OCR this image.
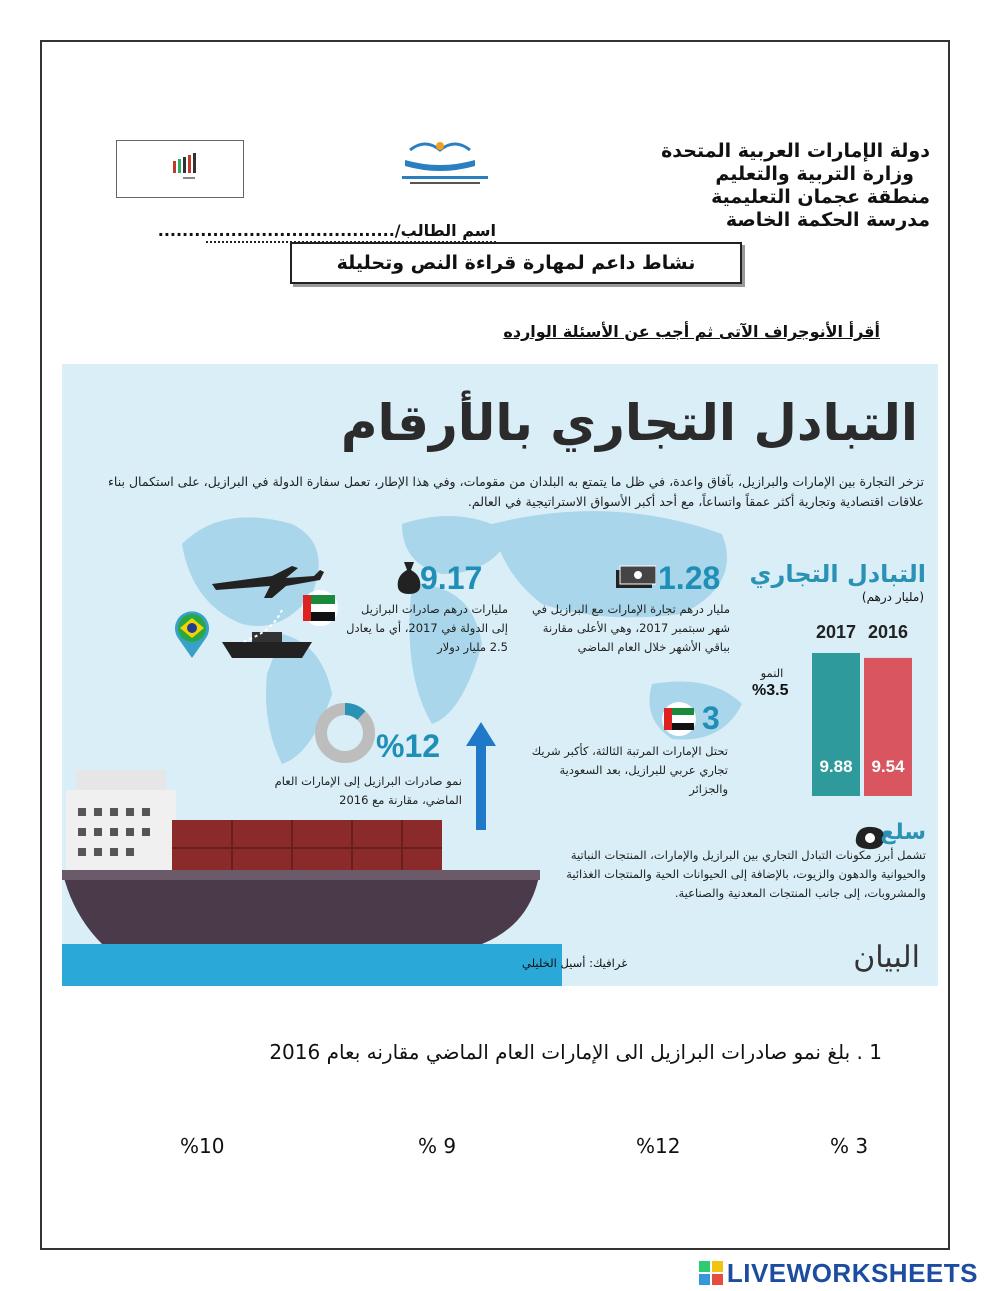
دولة الإمارات العربية المتحدة
وزارة التربية والتعليم
منطقة عجمان التعليمية
مدرسة الحكمة الخاصة
اسم الطالب/.......................................
نشاط داعم لمهارة قراءة النص وتحليلة
أقرأ الأنوجراف الآتى ثم أجب عن الأسئلة الوارده
التبادل التجاري بالأرقام
تزخر التجارة بين الإمارات والبرازيل، بآفاق واعدة، في ظل ما يتمتع به البلدان من مقومات، وفي هذا الإطار، تعمل سفارة الدولة في البرازيل، على استكمال بناء علاقات اقتصادية وتجارية أكثر عمقاً واتساعاً، مع أحد أكبر الأسواق الاستراتيجية في العالم.
9.17
مليارات درهم صادرات البرازيل إلى الدولة في 2017، أي ما يعادل 2.5 مليار دولار
1.28
مليار درهم تجارة الإمارات مع البرازيل في شهر سبتمبر 2017، وهي الأعلى مقارنة بباقي الأشهر خلال العام الماضي
3
تحتل الإمارات المرتبة الثالثة، كأكبر شريك تجاري عربي للبرازيل، بعد السعودية والجزائر
%12
نمو صادرات البرازيل إلى الإمارات العام الماضي، مقارنة مع 2016
التبادل التجاري
(مليار درهم)
2017
9.88
2016
9.54
النمو
%3.5
سلع
تشمل أبرز مكونات التبادل التجاري بين البرازيل والإمارات، المنتجات النباتية والحيوانية والدهون والزيوت، بالإضافة إلى الحيوانات الحية والمنتجات الغذائية والمشروبات، إلى جانب المنتجات المعدنية والصناعية.
غرافيك: أسيل الخليلي	البيان
1 . بلغ نمو صادرات البرازيل الى الإمارات العام الماضي مقارنه بعام 2016
% 3
%12
% 9
%10
LIVEWORKSHEETS
